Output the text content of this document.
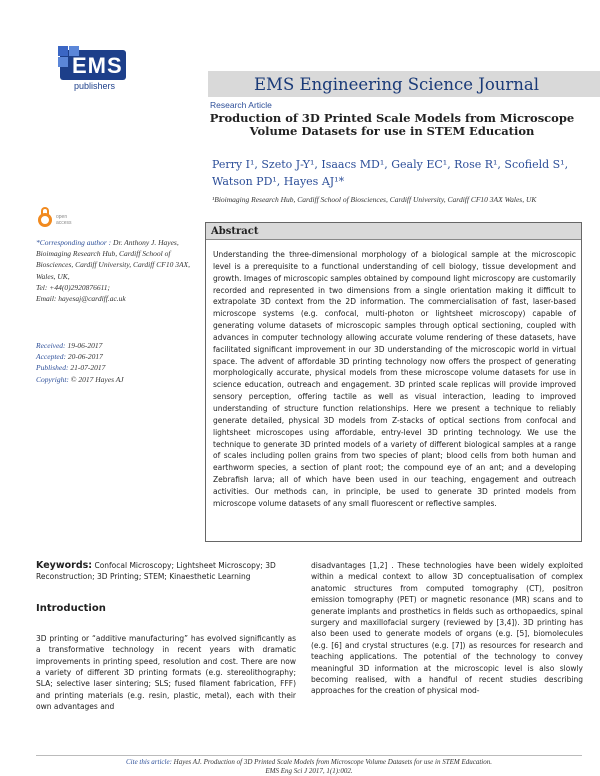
EMS
publishers	EMS Engineering Science Journal
Research Article
Production of 3D Printed Scale Models from Microscope Volume Datasets for use in STEM Education
Perry I¹, Szeto J-Y¹, Isaacs MD¹, Gealy EC¹, Rose R¹, Scofield S¹,
Watson PD¹, Hayes AJ¹*
¹Bioimaging Research Hub, Cardiff School of Biosciences, Cardiff University, Cardiff CF10 3AX Wales, UK
open
access
*Corresponding author : Dr. Anthony J. Hayes, Bioimaging Research Hub, Cardiff School of Biosciences, Cardiff University, Cardiff CF10 3AX, Wales, UK,
Tel: +44(0)2920876611;
Email: hayesaj@cardiff.ac.uk
Received: 19-06-2017
Accepted: 20-06-2017
Published: 21-07-2017
Copyright: © 2017 Hayes AJ
Abstract
Understanding the three-dimensional morphology of a biological sample at the microscopic level is a prerequisite to a functional understanding of cell biology, tissue development and growth. Images of microscopic samples obtained by compound light microscopy are customarily recorded and represented in two dimensions from a single orientation making it difficult to extrapolate 3D context from the 2D information. The commercialisation of fast, laser-based microscope systems (e.g. confocal, multi-photon or lightsheet microscopy) capable of generating volume datasets of microscopic samples through optical sectioning, coupled with advances in computer technology allowing accurate volume rendering of these datasets, have facilitated significant improvement in our 3D understanding of the microscopic world in virtual space. The advent of affordable 3D printing technology now offers the prospect of generating morphologically accurate, physical models from these microscope volume datasets for use in science education, outreach and engagement. 3D printed scale replicas will provide improved sensory perception, offering tactile as well as visual interaction, leading to improved understanding of structure function relationships. Here we present a technique to reliably generate detailed, physical 3D models from Z-stacks of optical sections from confocal and lightsheet microscopes using affordable, entry-level 3D printing technology. We use the technique to generate 3D printed models of a variety of different biological samples at a range of scales including pollen grains from two species of plant; blood cells from both human and earthworm species, a section of plant root; the compound eye of an ant; and a developing Zebrafish larva; all of which have been used in our teaching, engagement and outreach activities. Our methods can, in principle, be used to generate 3D printed models from microscope volume datasets of any small fluorescent or reflective samples.
Keywords: Confocal Microscopy; Lightsheet Microscopy; 3D Reconstruction; 3D Printing; STEM; Kinaesthetic Learning
Introduction
3D printing or “additive manufacturing” has evolved significantly as a transformative technology in recent years with dramatic improvements in printing speed, resolution and cost. There are now a variety of different 3D printing formats (e.g. stereolithography; SLA; selective laser sintering; SLS; fused filament fabrication, FFF) and printing materials (e.g. resin, plastic, metal), each with their own advantages and
disadvantages [1,2] . These technologies have been widely exploited within a medical context to allow 3D conceptualisation of complex anatomic structures from computed tomography (CT), positron emission tomography (PET) or magnetic resonance (MR) scans and to generate implants and prosthetics in fields such as orthopaedics, spinal surgery and maxillofacial surgery (reviewed by [3,4]). 3D printing has also been used to generate models of organs (e.g. [5], biomolecules (e.g. [6] and crystal structures (e.g. [7]) as resources for research and teaching applications. The potential of the technology to convey meaningful 3D information at the microscopic level is also slowly becoming realised, with a handful of recent studies describing approaches for the creation of physical mod-
Cite this article: Hayes AJ. Production of 3D Printed Scale Models from Microscope Volume Datasets for use in STEM Education.
EMS Eng Sci J 2017, 1(1):002.
